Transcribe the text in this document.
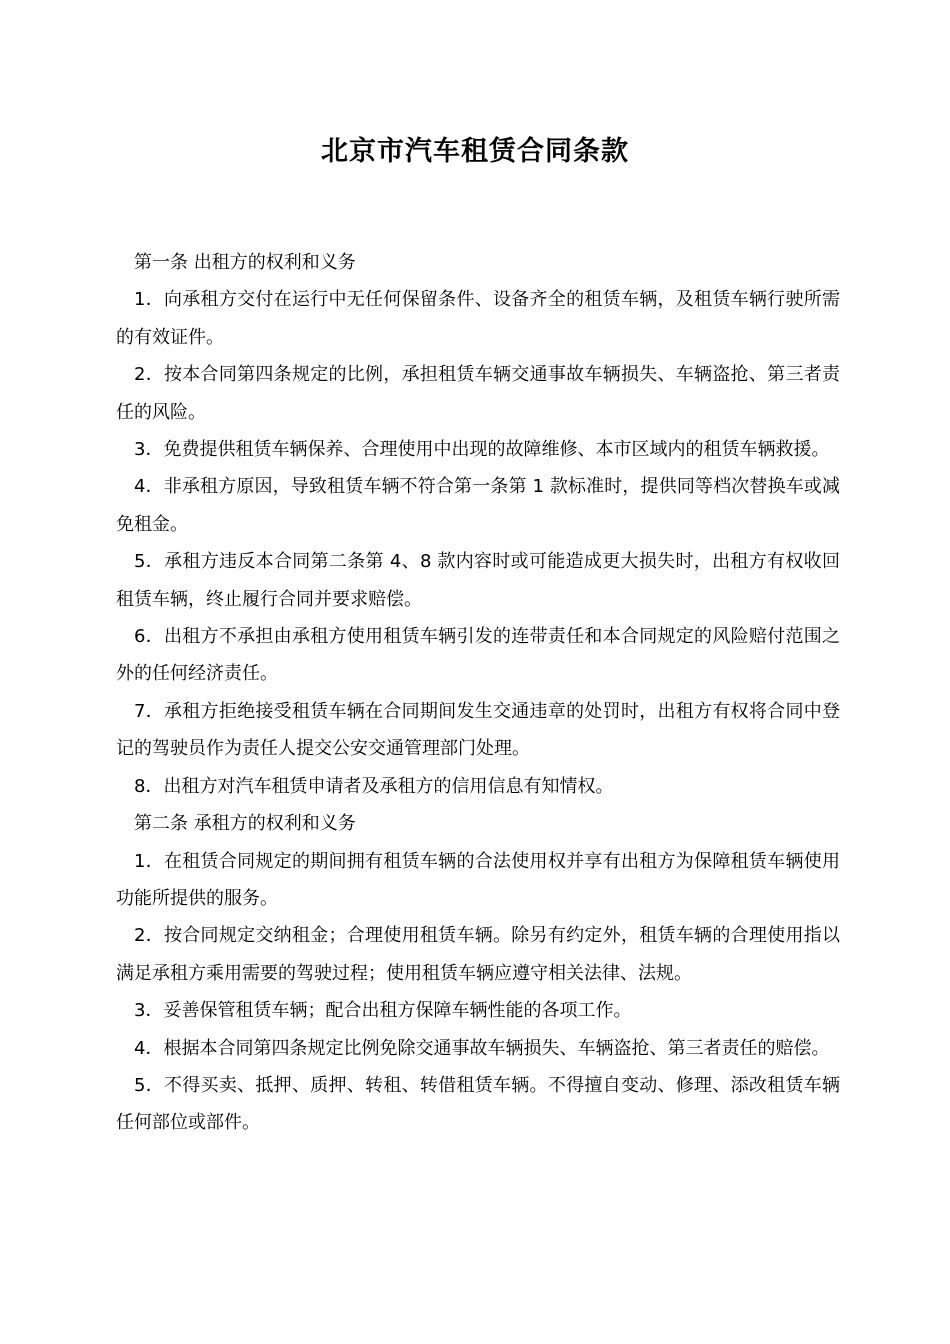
北京市汽车租赁合同条款

第一条 出租方的权利和义务

1．向承租方交付在运行中无任何保留条件、设备齐全的租赁车辆，及租赁车辆行驶所需的有效证件。

2．按本合同第四条规定的比例，承担租赁车辆交通事故车辆损失、车辆盗抢、第三者责任的风险。

3．免费提供租赁车辆保养、合理使用中出现的故障维修、本市区域内的租赁车辆救援。

4．非承租方原因，导致租赁车辆不符合第一条第 1 款标准时，提供同等档次替换车或减免租金。

5．承租方违反本合同第二条第 4、8 款内容时或可能造成更大损失时，出租方有权收回租赁车辆，终止履行合同并要求赔偿。

6．出租方不承担由承租方使用租赁车辆引发的连带责任和本合同规定的风险赔付范围之外的任何经济责任。

7．承租方拒绝接受租赁车辆在合同期间发生交通违章的处罚时，出租方有权将合同中登记的驾驶员作为责任人提交公安交通管理部门处理。

8．出租方对汽车租赁申请者及承租方的信用信息有知情权。

第二条 承租方的权利和义务

1．在租赁合同规定的期间拥有租赁车辆的合法使用权并享有出租方为保障租赁车辆使用功能所提供的服务。

2．按合同规定交纳租金；合理使用租赁车辆。除另有约定外，租赁车辆的合理使用指以满足承租方乘用需要的驾驶过程；使用租赁车辆应遵守相关法律、法规。

3．妥善保管租赁车辆；配合出租方保障车辆性能的各项工作。

4．根据本合同第四条规定比例免除交通事故车辆损失、车辆盗抢、第三者责任的赔偿。

5．不得买卖、抵押、质押、转租、转借租赁车辆。不得擅自变动、修理、添改租赁车辆任何部位或部件。
